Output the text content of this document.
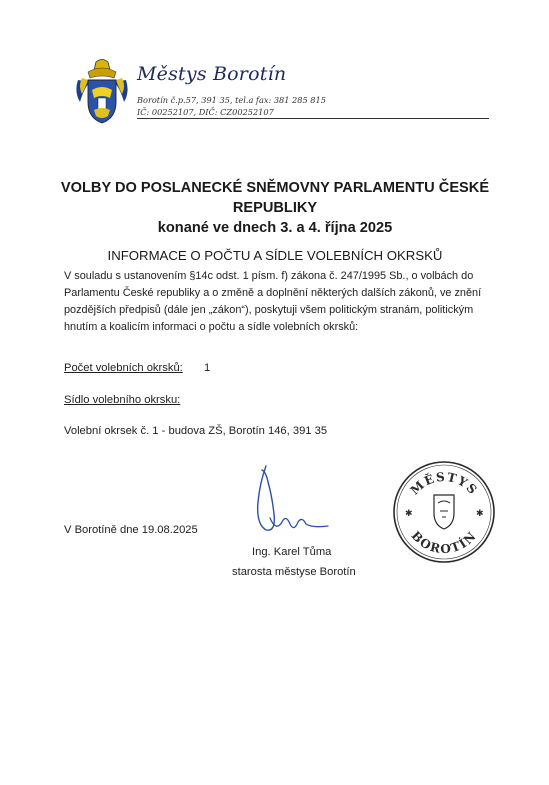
Městys Borotín
Borotín č.p.57, 391 35, tel.a fax: 381 285 815
IČ: 00252107, DIČ: CZ00252107
VOLBY DO POSLANECKÉ SNĚMOVNY PARLAMENTU ČESKÉ
REPUBLIKY
konané ve dnech 3. a 4. října 2025
INFORMACE O POČTU A SÍDLE VOLEBNÍCH OKRSKŮ
V souladu s ustanovením §14c odst. 1 písm. f) zákona č. 247/1995 Sb., o volbách do
Parlamentu České republiky a o změně a doplnění některých dalších zákonů, ve znění
pozdějších předpisů (dále jen „zákon“), poskytuji všem politickým stranám, politickým
hnutím a koalicím informaci o počtu a sídle volebních okrsků:
Počet volebních okrsků: 1
Sídlo volebního okrsku:
Volební okrsek č. 1 - budova ZŠ, Borotín 146, 391 35
V Borotíně dne 19.08.2025
Ing. Karel Tůma
starosta městyse Borotín
MĚSTYS
BOROTÍN
✱	✱
